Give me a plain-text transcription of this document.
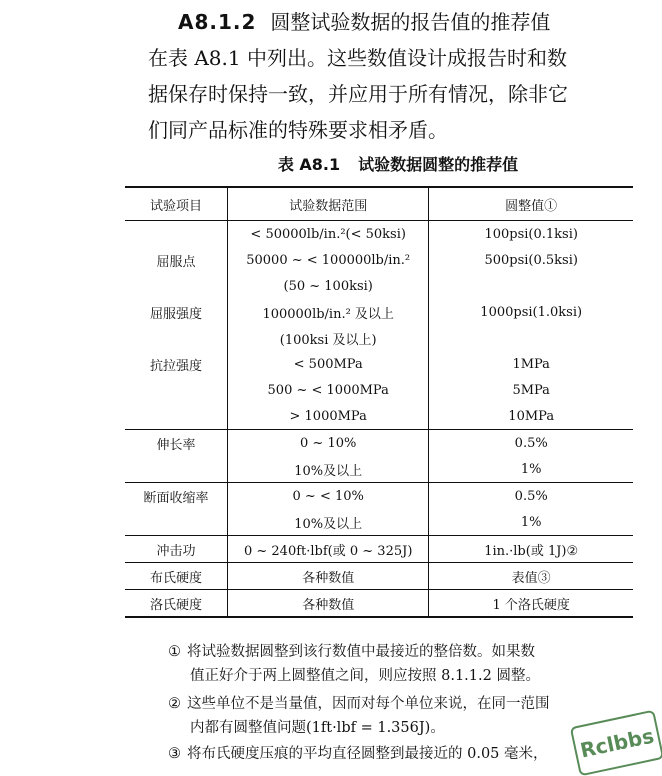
A8.1.2 圆整试验数据的报告值的推荐值

在表 A8.1 中列出。这些数值设计成报告时和数

据保存时保持一致，并应用于所有情况，除非它

们同产品标准的特殊要求相矛盾。

表 A8.1 试验数据圆整的推荐值
试验项目	试验数据范围	圆整值①
	< 50000lb/in.²(< 50ksi)	100psi(0.1ksi)
屈服点	50000 ~ < 100000lb/in.²	500psi(0.5ksi)
	(50 ~ 100ksi)	
屈服强度	100000lb/in.² 及以上	1000psi(1.0ksi)
	(100ksi 及以上)	
抗拉强度	< 500MPa	1MPa
	500 ~ < 1000MPa	5MPa
	> 1000MPa	10MPa
伸长率	0 ~ 10%	0.5%
	10%及以上	1%
断面收缩率	0 ~ < 10%	0.5%
	10%及以上	1%
冲击功	0 ~ 240ft·lbf(或 0 ~ 325J)	1in.·lb(或 1J)②
布氏硬度	各种数值	表值③
洛氏硬度	各种数值	1 个洛氏硬度

① 将试验数据圆整到该行数值中最接近的整倍数。如果数

值正好介于两上圆整值之间，则应按照 8.1.1.2 圆整。

② 这些单位不是当量值，因而对每个单位来说，在同一范围

内都有圆整值问题(1ft·lbf = 1.356J)。

③ 将布氏硬度压痕的平均直径圆整到最接近的 0.05 毫米，	Rclbbs
